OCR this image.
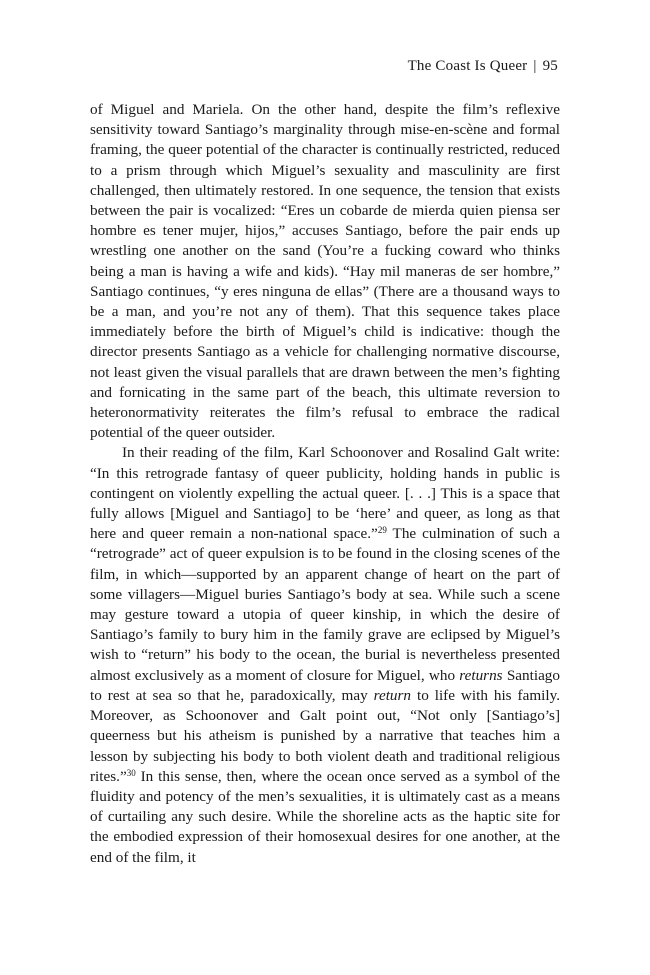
The Coast Is Queer | 95

of Miguel and Mariela. On the other hand, despite the film’s reflexive sensitivity toward Santiago’s marginality through mise-en-scène and formal framing, the queer potential of the character is continually restricted, reduced to a prism through which Miguel’s sexuality and masculinity are first challenged, then ultimately restored. In one sequence, the tension that exists between the pair is vocalized: “Eres un cobarde de mierda quien piensa ser hombre es tener mujer, hijos,” accuses Santiago, before the pair ends up wrestling one another on the sand (You’re a fucking coward who thinks being a man is having a wife and kids). “Hay mil maneras de ser hombre,” Santiago continues, “y eres ninguna de ellas” (There are a thousand ways to be a man, and you’re not any of them). That this sequence takes place immediately before the birth of Miguel’s child is indicative: though the director presents Santiago as a vehicle for challenging normative discourse, not least given the visual parallels that are drawn between the men’s fighting and fornicating in the same part of the beach, this ultimate reversion to heteronormativity reiterates the film’s refusal to embrace the radical potential of the queer outsider.

In their reading of the film, Karl Schoonover and Rosalind Galt write: “In this retrograde fantasy of queer publicity, holding hands in public is contingent on violently expelling the actual queer. [. . .] This is a space that fully allows [Miguel and Santiago] to be ‘here’ and queer, as long as that here and queer remain a non-national space.”$^{29}$ The culmination of such a “retrograde” act of queer expulsion is to be found in the closing scenes of the film, in which—supported by an apparent change of heart on the part of some villagers—Miguel buries Santiago’s body at sea. While such a scene may gesture toward a utopia of queer kinship, in which the desire of Santiago’s family to bury him in the family grave are eclipsed by Miguel’s wish to “return” his body to the ocean, the burial is nevertheless presented almost exclusively as a moment of closure for Miguel, who returns Santiago to rest at sea so that he, paradoxically, may return to life with his family. Moreover, as Schoonover and Galt point out, “Not only [Santiago’s] queerness but his atheism is punished by a narrative that teaches him a lesson by subjecting his body to both violent death and traditional religious rites.”$^{30}$ In this sense, then, where the ocean once served as a symbol of the fluidity and potency of the men’s sexualities, it is ultimately cast as a means of curtailing any such desire. While the shoreline acts as the haptic site for the embodied expression of their homosexual desires for one another, at the end of the film, it
